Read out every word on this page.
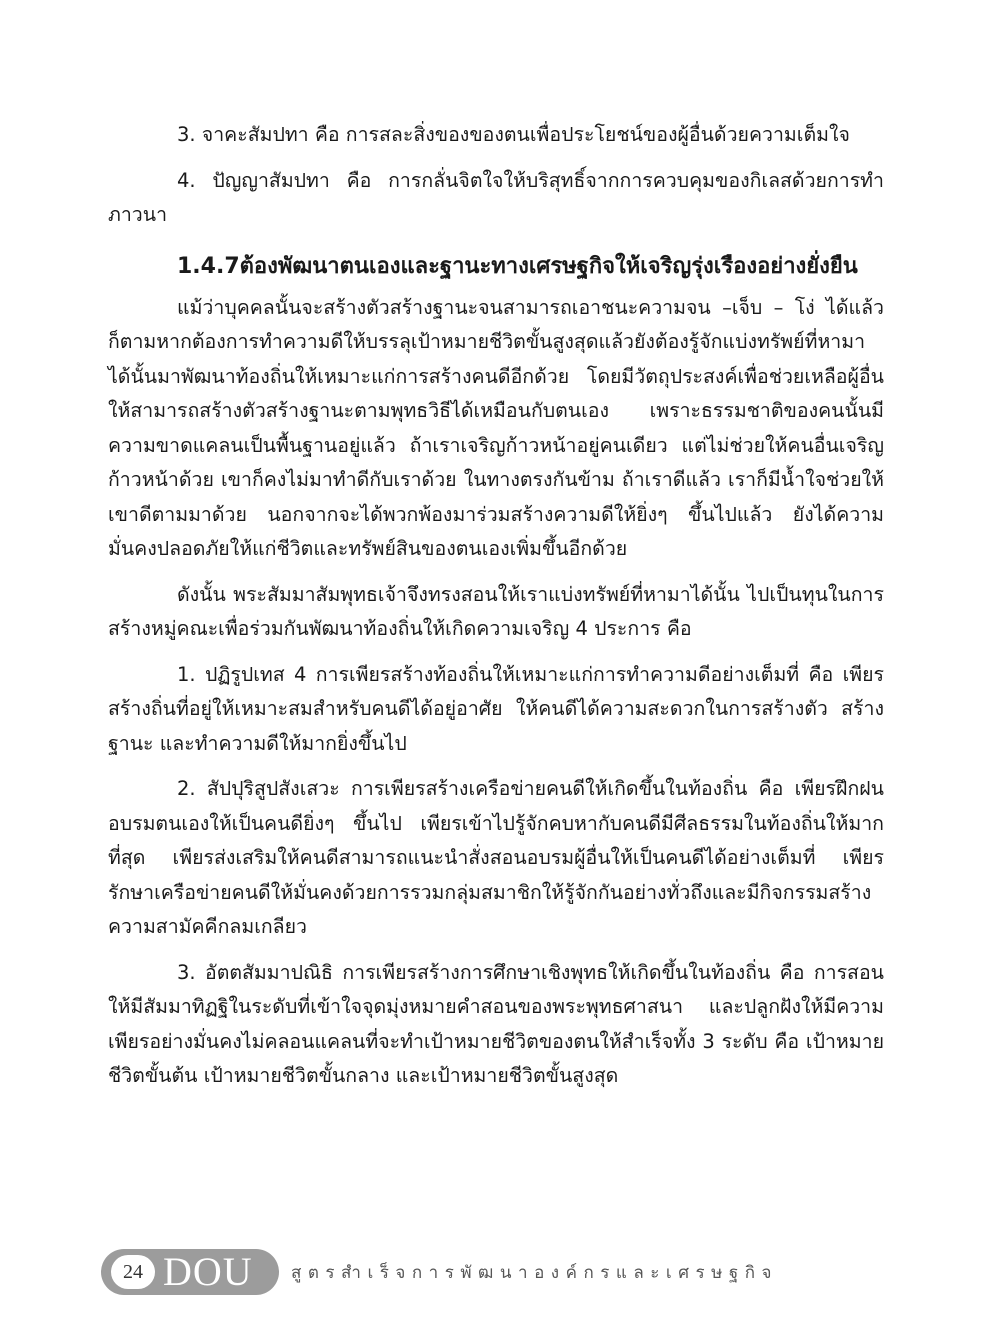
3. จาคะสัมปทา คือ การสละสิ่งของของตนเพื่อประโยชน์ของผู้อื่นด้วยความเต็มใจ

4. ปัญญาสัมปทา คือ การกลั่นจิตใจให้บริสุทธิ์จากการควบคุมของกิเลสด้วยการทำภาวนา

1.4.7ต้องพัฒนาตนเองและฐานะทางเศรษฐกิจให้เจริญรุ่งเรืองอย่างยั่งยืน

แม้ว่าบุคคลนั้นจะสร้างตัวสร้างฐานะจนสามารถเอาชนะความจน –เจ็บ – โง่ ได้แล้วก็ตามหากต้องการทำความดีให้บรรลุเป้าหมายชีวิตขั้นสูงสุดแล้วยังต้องรู้จักแบ่งทรัพย์ที่หามาได้นั้นมาพัฒนาท้องถิ่นให้เหมาะแก่การสร้างคนดีอีกด้วย โดยมีวัตถุประสงค์เพื่อช่วยเหลือผู้อื่นให้สามารถสร้างตัวสร้างฐานะตามพุทธวิธีได้เหมือนกับตนเอง เพราะธรรมชาติของคนนั้นมีความขาดแคลนเป็นพื้นฐานอยู่แล้ว ถ้าเราเจริญก้าวหน้าอยู่คนเดียว แต่ไม่ช่วยให้คนอื่นเจริญก้าวหน้าด้วย เขาก็คงไม่มาทำดีกับเราด้วย ในทางตรงกันข้าม ถ้าเราดีแล้ว เราก็มีน้ำใจช่วยให้เขาดีตามมาด้วย นอกจากจะได้พวกพ้องมาร่วมสร้างความดีให้ยิ่งๆ ขึ้นไปแล้ว ยังได้ความมั่นคงปลอดภัยให้แก่ชีวิตและทรัพย์สินของตนเองเพิ่มขึ้นอีกด้วย

ดังนั้น พระสัมมาสัมพุทธเจ้าจึงทรงสอนให้เราแบ่งทรัพย์ที่หามาได้นั้น ไปเป็นทุนในการสร้างหมู่คณะเพื่อร่วมกันพัฒนาท้องถิ่นให้เกิดความเจริญ 4 ประการ คือ

1. ปฏิรูปเทส 4 การเพียรสร้างท้องถิ่นให้เหมาะแก่การทำความดีอย่างเต็มที่ คือ เพียรสร้างถิ่นที่อยู่ให้เหมาะสมสำหรับคนดีได้อยู่อาศัย ให้คนดีได้ความสะดวกในการสร้างตัว สร้างฐานะ และทำความดีให้มากยิ่งขึ้นไป

2. สัปปุริสูปสังเสวะ การเพียรสร้างเครือข่ายคนดีให้เกิดขึ้นในท้องถิ่น คือ เพียรฝึกฝนอบรมตนเองให้เป็นคนดียิ่งๆ ขึ้นไป เพียรเข้าไปรู้จักคบหากับคนดีมีศีลธรรมในท้องถิ่นให้มากที่สุด เพียรส่งเสริมให้คนดีสามารถแนะนำสั่งสอนอบรมผู้อื่นให้เป็นคนดีได้อย่างเต็มที่ เพียรรักษาเครือข่ายคนดีให้มั่นคงด้วยการรวมกลุ่มสมาชิกให้รู้จักกันอย่างทั่วถึงและมีกิจกรรมสร้างความสามัคคีกลมเกลียว

3. อัตตสัมมาปณิธิ การเพียรสร้างการศึกษาเชิงพุทธให้เกิดขึ้นในท้องถิ่น คือ การสอนให้มีสัมมาทิฏฐิในระดับที่เข้าใจจุดมุ่งหมายคำสอนของพระพุทธศาสนา และปลูกฝังให้มีความเพียรอย่างมั่นคงไม่คลอนแคลนที่จะทำเป้าหมายชีวิตของตนให้สำเร็จทั้ง 3 ระดับ คือ เป้าหมายชีวิตขั้นต้น เป้าหมายชีวิตขั้นกลาง และเป้าหมายชีวิตขั้นสูงสุด

24 DOU สูตรสำเร็จการพัฒนาองค์กรและเศรษฐกิจ
